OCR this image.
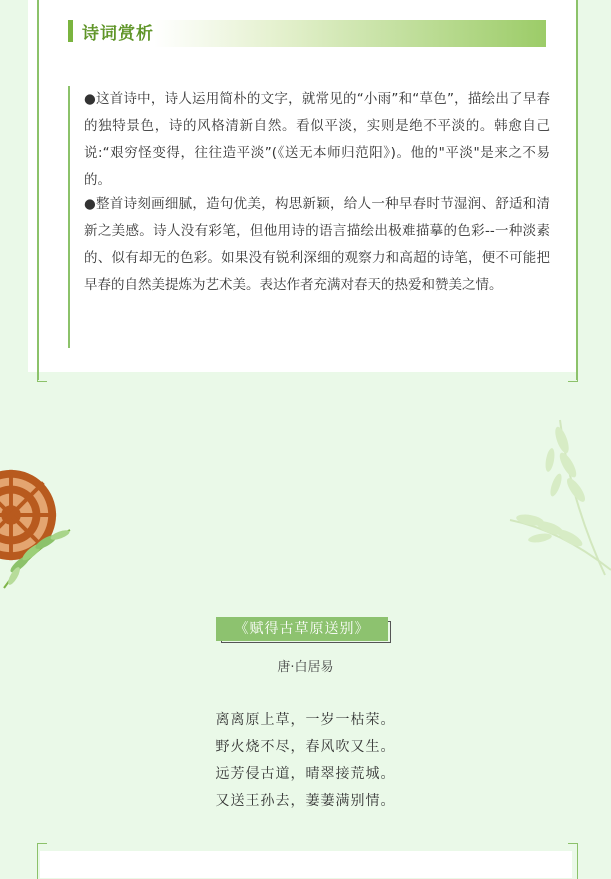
诗词赏析

●这首诗中，诗人运用简朴的文字，就常见的“小雨”和“草色”，描绘出了早春的独特景色，诗的风格清新自然。看似平淡，实则是绝不平淡的。韩愈自己说:“艰穷怪变得，往往造平淡”(《送无本师归范阳》)。他的"平淡"是来之不易的。

●整首诗刻画细腻，造句优美，构思新颖，给人一种早春时节湿润、舒适和清新之美感。诗人没有彩笔，但他用诗的语言描绘出极难描摹的色彩--一种淡素的、似有却无的色彩。如果没有锐利深细的观察力和高超的诗笔，便不可能把早春的自然美提炼为艺术美。表达作者充满对春天的热爱和赞美之情。

《赋得古草原送别》
唐·白居易
离离原上草，一岁一枯荣。
野火烧不尽，春风吹又生。
远芳侵古道，晴翠接荒城。
又送王孙去，萋萋满别情。
